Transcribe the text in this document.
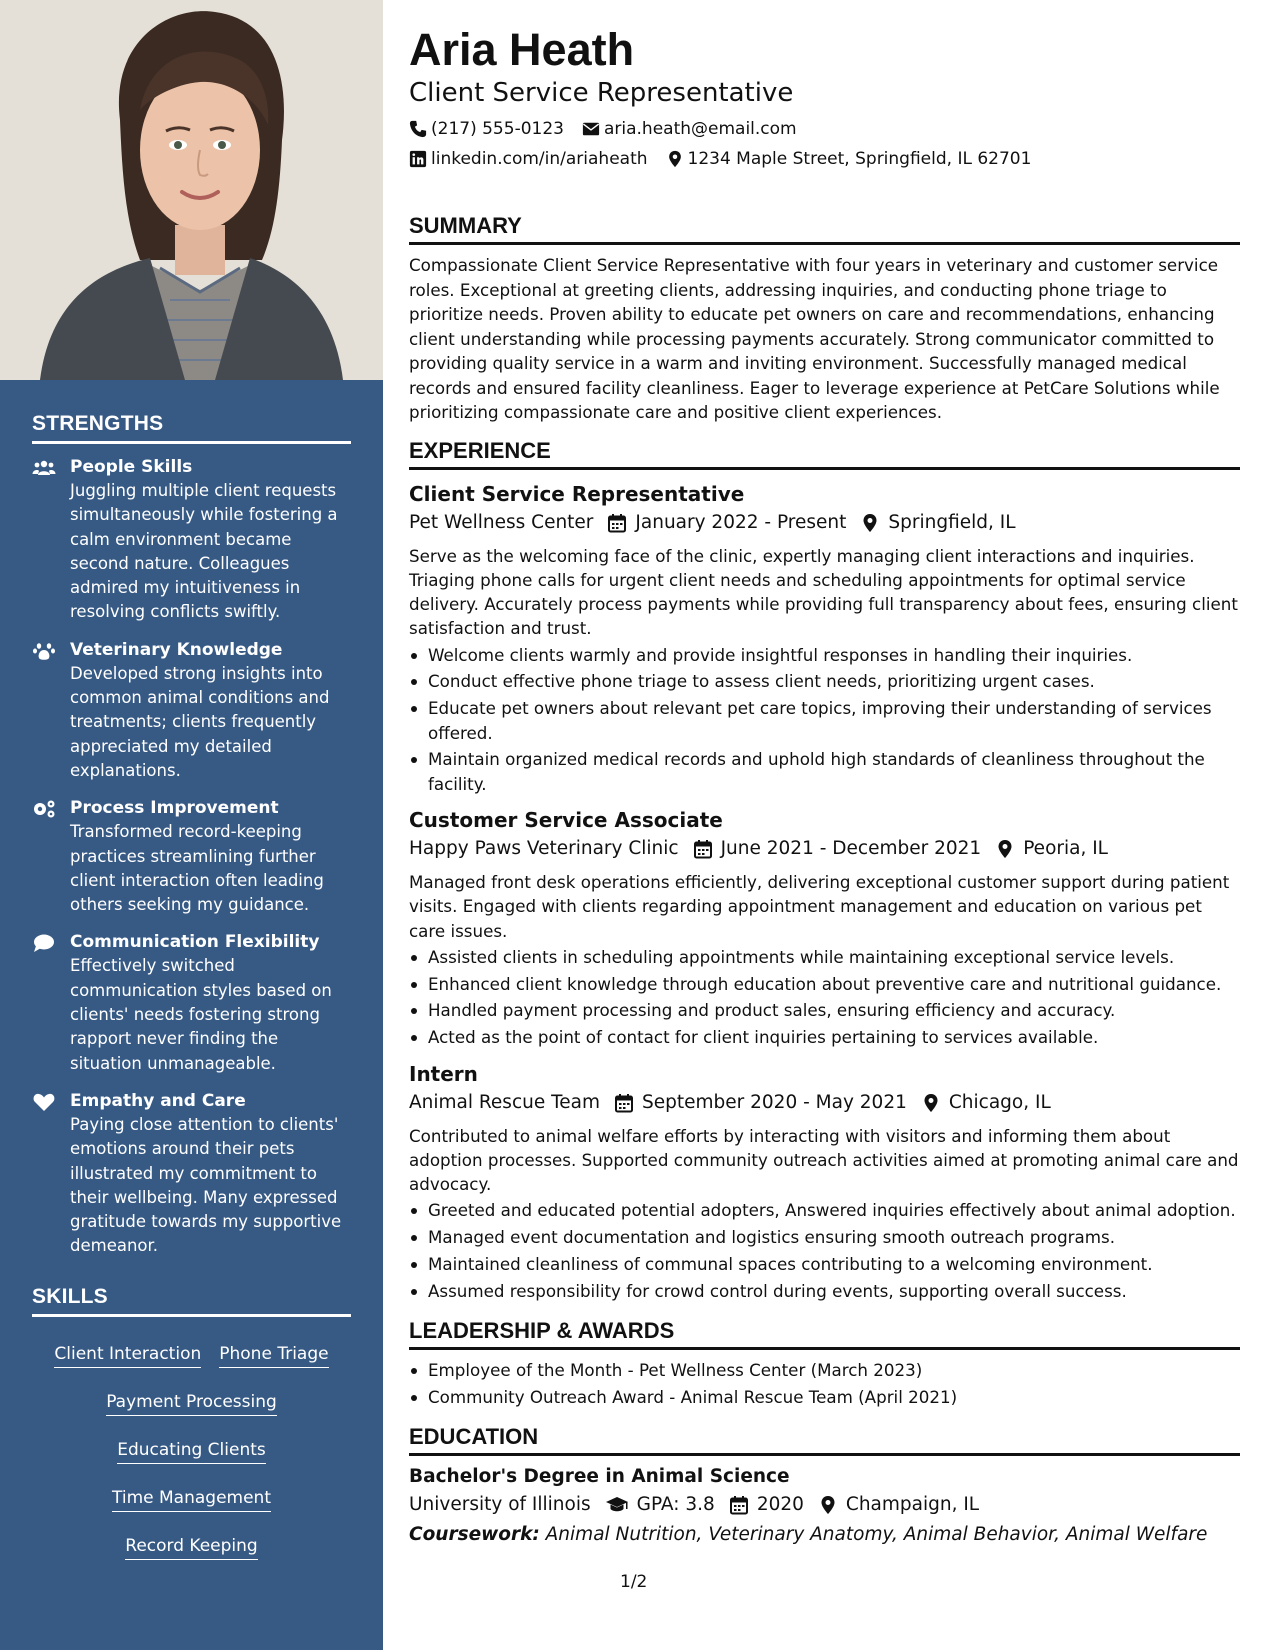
STRENGTHS
People Skills
Juggling multiple client requests simultaneously while fostering a calm environment became second nature. Colleagues admired my intuitiveness in resolving conflicts swiftly.
Veterinary Knowledge
Developed strong insights into common animal conditions and treatments; clients frequently appreciated my detailed explanations.
Process Improvement
Transformed record-keeping practices streamlining further client interaction often leading others seeking my guidance.
Communication Flexibility
Effectively switched communication styles based on clients' needs fostering strong rapport never finding the situation unmanageable.
Empathy and Care
Paying close attention to clients' emotions around their pets illustrated my commitment to their wellbeing. Many expressed gratitude towards my supportive demeanor.
SKILLS
Client Interaction Phone Triage
Payment Processing
Educating Clients
Time Management
Record Keeping
Aria Heath
Client Service Representative
(217) 555-0123 aria.heath@email.com
linkedin.com/in/ariaheath 1234 Maple Street, Springfield, IL 62701
SUMMARY
Compassionate Client Service Representative with four years in veterinary and customer service roles. Exceptional at greeting clients, addressing inquiries, and conducting phone triage to prioritize needs. Proven ability to educate pet owners on care and recommendations, enhancing client understanding while processing payments accurately. Strong communicator committed to providing quality service in a warm and inviting environment. Successfully managed medical records and ensured facility cleanliness. Eager to leverage experience at PetCare Solutions while prioritizing compassionate care and positive client experiences.
EXPERIENCE
Client Service Representative
Pet Wellness Center January 2022 - Present Springfield, IL
Serve as the welcoming face of the clinic, expertly managing client interactions and inquiries. Triaging phone calls for urgent client needs and scheduling appointments for optimal service delivery. Accurately process payments while providing full transparency about fees, ensuring client satisfaction and trust.
Welcome clients warmly and provide insightful responses in handling their inquiries.
Conduct effective phone triage to assess client needs, prioritizing urgent cases.
Educate pet owners about relevant pet care topics, improving their understanding of services offered.
Maintain organized medical records and uphold high standards of cleanliness throughout the facility.
Customer Service Associate
Happy Paws Veterinary Clinic June 2021 - December 2021 Peoria, IL
Managed front desk operations efficiently, delivering exceptional customer support during patient visits. Engaged with clients regarding appointment management and education on various pet care issues.
Assisted clients in scheduling appointments while maintaining exceptional service levels.
Enhanced client knowledge through education about preventive care and nutritional guidance.
Handled payment processing and product sales, ensuring efficiency and accuracy.
Acted as the point of contact for client inquiries pertaining to services available.
Intern
Animal Rescue Team September 2020 - May 2021 Chicago, IL
Contributed to animal welfare efforts by interacting with visitors and informing them about adoption processes. Supported community outreach activities aimed at promoting animal care and advocacy.
Greeted and educated potential adopters, Answered inquiries effectively about animal adoption.
Managed event documentation and logistics ensuring smooth outreach programs.
Maintained cleanliness of communal spaces contributing to a welcoming environment.
Assumed responsibility for crowd control during events, supporting overall success.
LEADERSHIP & AWARDS
Employee of the Month - Pet Wellness Center (March 2023)
Community Outreach Award - Animal Rescue Team (April 2021)
EDUCATION
Bachelor's Degree in Animal Science
University of Illinois GPA: 3.8 2020 Champaign, IL
Coursework: Animal Nutrition, Veterinary Anatomy, Animal Behavior, Animal Welfare
1/2
